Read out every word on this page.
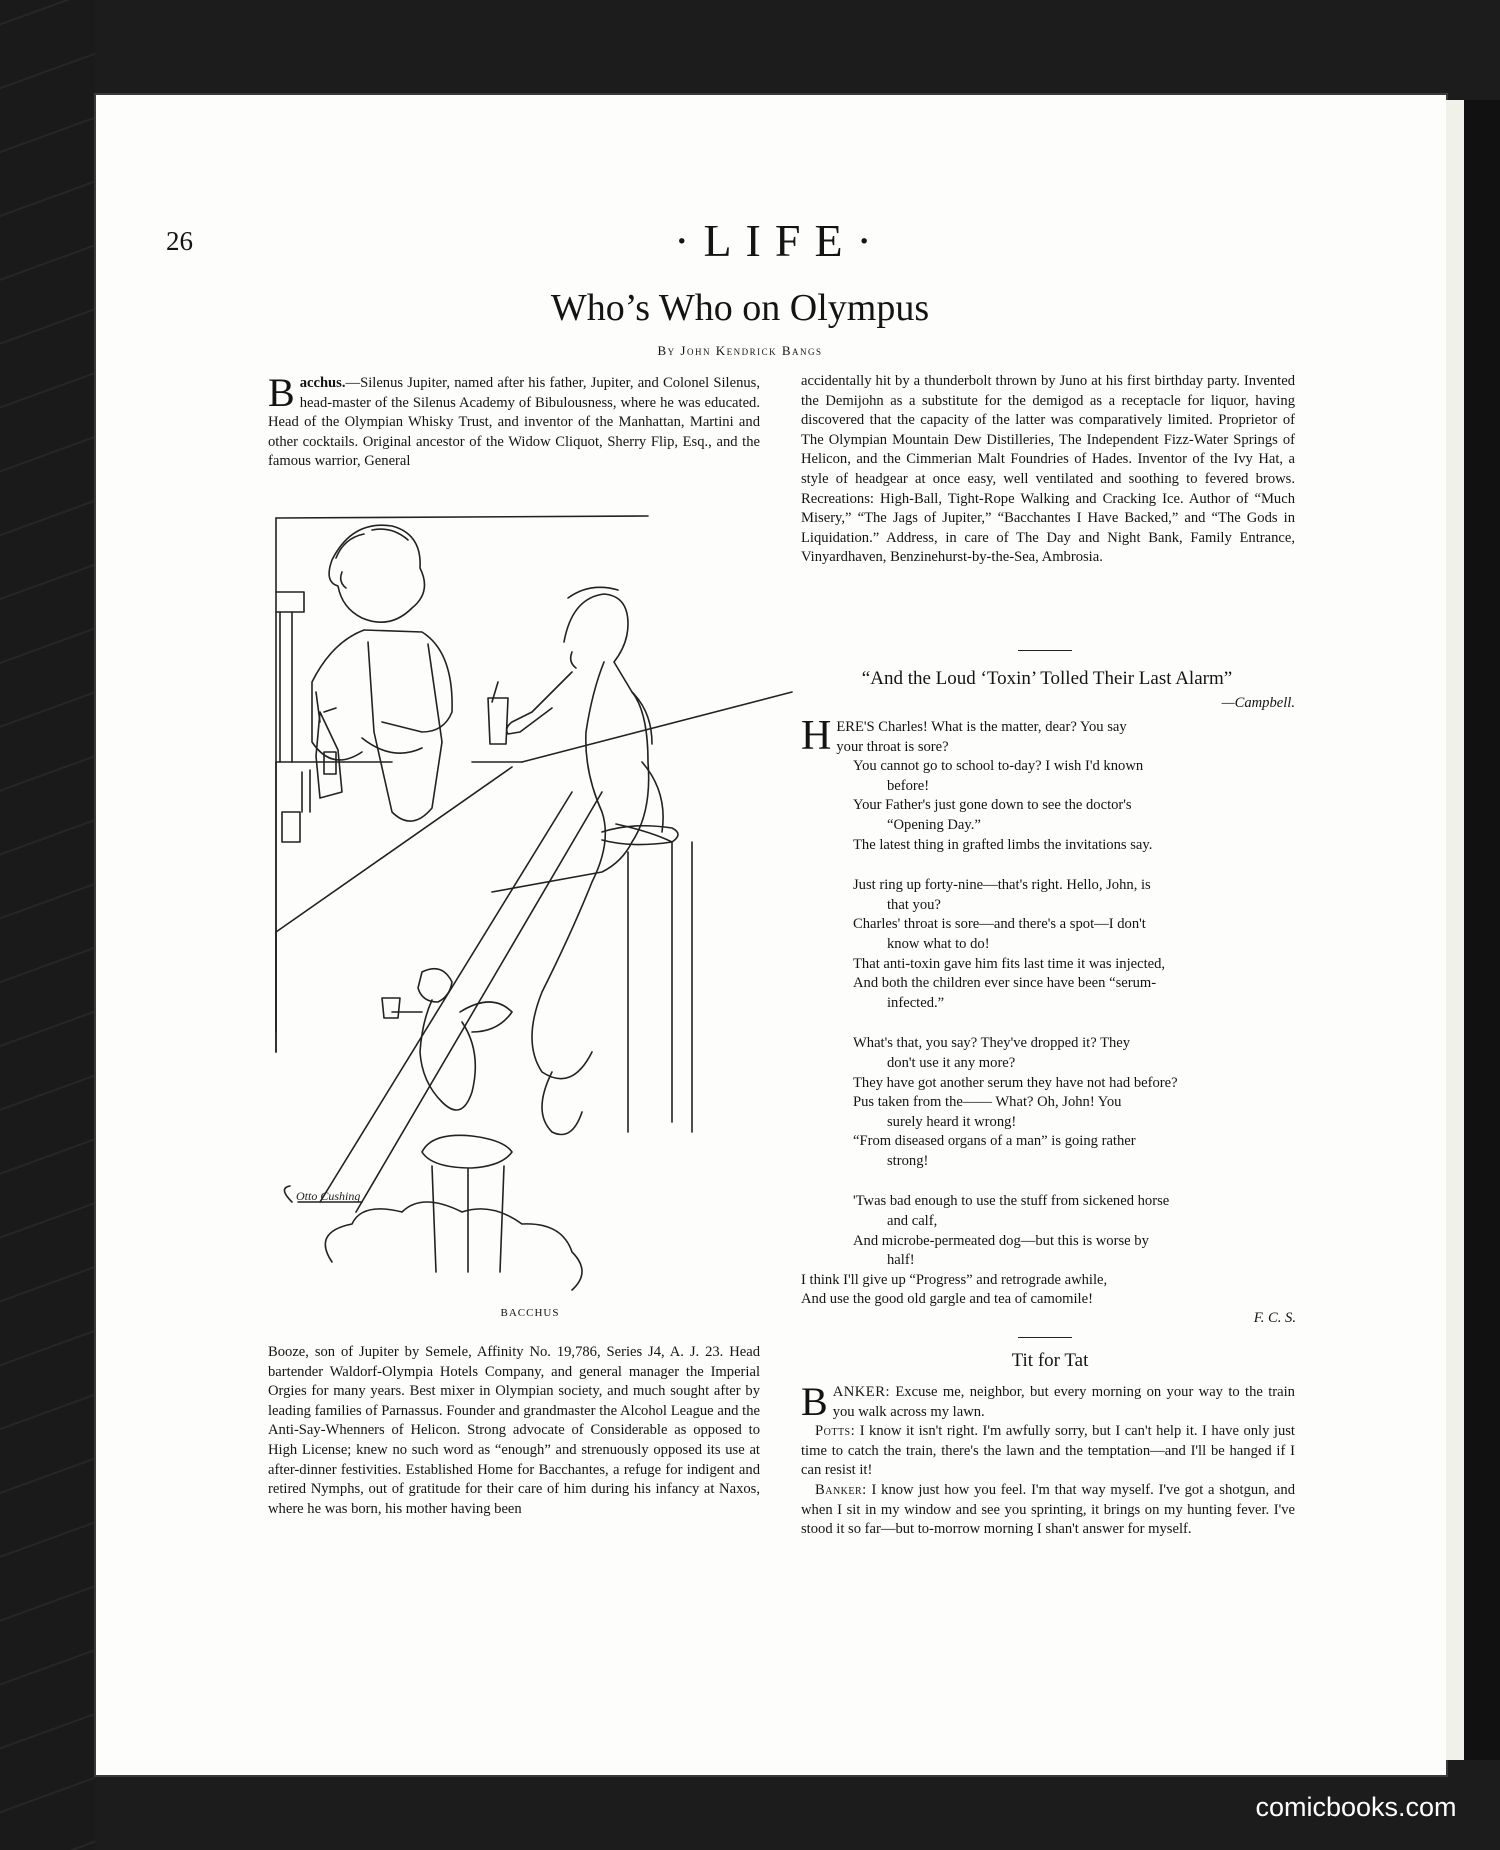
26	·LIFE·
Who’s Who on Olympus
By John Kendrick Bangs

Bacchus.—Silenus Jupiter, named after his father, Jupiter, and Colonel Silenus, head-master of the Silenus Academy of Bibulousness, where he was educated. Head of the Olympian Whisky Trust, and inventor of the Manhattan, Martini and other cocktails. Original ancestor of the Widow Cliquot, Sherry Flip, Esq., and the famous warrior, General

Otto Cushing
BACCHUS

Booze, son of Jupiter by Semele, Affinity No. 19,786, Series J4, A. J. 23. Head bartender Waldorf-Olympia Hotels Company, and general manager the Imperial Orgies for many years. Best mixer in Olympian society, and much sought after by leading families of Parnassus. Founder and grandmaster the Alcohol League and the Anti-Say-Whenners of Helicon. Strong advocate of Considerable as opposed to High License; knew no such word as “enough” and strenuously opposed its use at after-dinner festivities. Established Home for Bacchantes, a refuge for indigent and retired Nymphs, out of gratitude for their care of him during his infancy at Naxos, where he was born, his mother having been

accidentally hit by a thunderbolt thrown by Juno at his first birthday party. Invented the Demijohn as a substitute for the demigod as a receptacle for liquor, having discovered that the capacity of the latter was comparatively limited. Proprietor of The Olympian Mountain Dew Distilleries, The Independent Fizz-Water Springs of Helicon, and the Cimmerian Malt Foundries of Hades. Inventor of the Ivy Hat, a style of headgear at once easy, well ventilated and soothing to fevered brows. Recreations: High-Ball, Tight-Rope Walking and Cracking Ice. Author of “Much Misery,” “The Jags of Jupiter,” “Bacchantes I Have Backed,” and “The Gods in Liquidation.” Address, in care of The Day and Night Bank, Family Entrance, Vinyardhaven, Benzinehurst-by-the-Sea, Ambrosia.

“And the Loud ‘Toxin’ Tolled Their Last Alarm”
—Campbell.

HERE'S Charles! What is the matter, dear? You say
your throat is sore?

You cannot go to school to-day? I wish I'd known
before!

Your Father's just gone down to see the doctor's
“Opening Day.”

The latest thing in grafted limbs the invitations say.

Just ring up forty-nine—that's right. Hello, John, is
that you?

Charles' throat is sore—and there's a spot—I don't
know what to do!

That anti-toxin gave him fits last time it was injected,

And both the children ever since have been “serum-
infected.”

What's that, you say? They've dropped it? They
don't use it any more?

They have got another serum they have not had before?

Pus taken from the—— What? Oh, John! You
surely heard it wrong!

“From diseased organs of a man” is going rather
strong!

'Twas bad enough to use the stuff from sickened horse
and calf,

And microbe-permeated dog—but this is worse by
half!

I think I'll give up “Progress” and retrograde awhile,

And use the good old gargle and tea of camomile!

F. C. S.
Tit for Tat

BANKER: Excuse me, neighbor, but every morning on your way to the train you walk across my lawn.

Potts: I know it isn't right. I'm awfully sorry, but I can't help it. I have only just time to catch the train, there's the lawn and the temptation—and I'll be hanged if I can resist it!

Banker: I know just how you feel. I'm that way myself. I've got a shotgun, and when I sit in my window and see you sprinting, it brings on my hunting fever. I've stood it so far—but to-morrow morning I shan't answer for myself.

comicbooks.com
